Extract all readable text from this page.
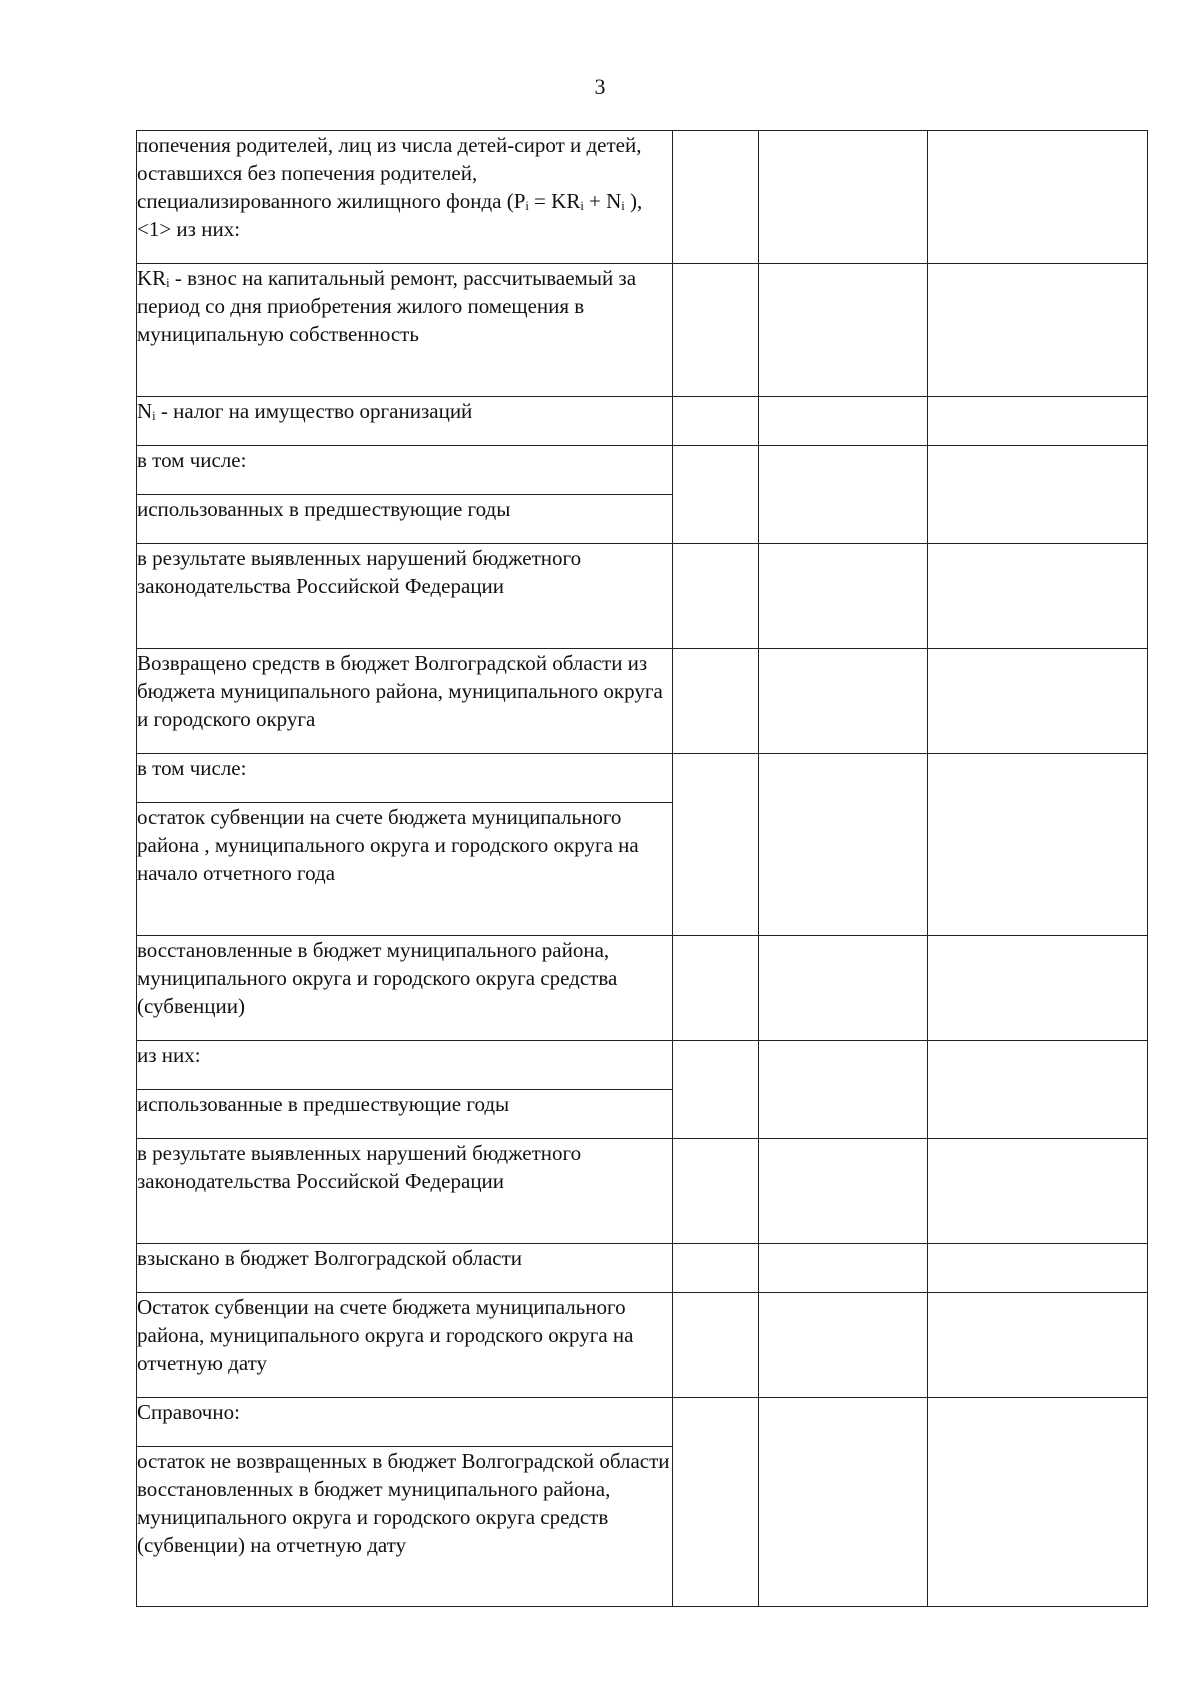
3
попечения родителей, лиц из числа детей-сирот и детей, оставшихся без попечения родителей, специализированного жилищного фонда (Pᵢ = KRᵢ + Nᵢ ), <1> из них:			
KRᵢ - взнос на капитальный ремонт, рассчитываемый за период со дня приобретения жилого помещения в муниципальную собственность			
Nᵢ - налог на имущество организаций			
в том числе:			
использованных в предшествующие годы			
в результате выявленных нарушений бюджетного законодательства Российской Федерации			
Возвращено средств в бюджет Волгоградской области из бюджета муниципального района, муниципального округа и городского округа			
в том числе:			
остаток субвенции на счете бюджета муниципального района , муниципального округа и городского округа на начало отчетного года			
восстановленные в бюджет муниципального района, муниципального округа и городского округа средства (субвенции)			
из них:			
использованные в предшествующие годы			
в результате выявленных нарушений бюджетного законодательства Российской Федерации			
взыскано в бюджет Волгоградской области			
Остаток субвенции на счете бюджета муниципального района, муниципального округа и городского округа на отчетную дату			
Справочно:			
остаток не возвращенных в бюджет Волгоградской области восстановленных в бюджет муниципального района, муниципального округа и городского округа средств (субвенции) на отчетную дату			
